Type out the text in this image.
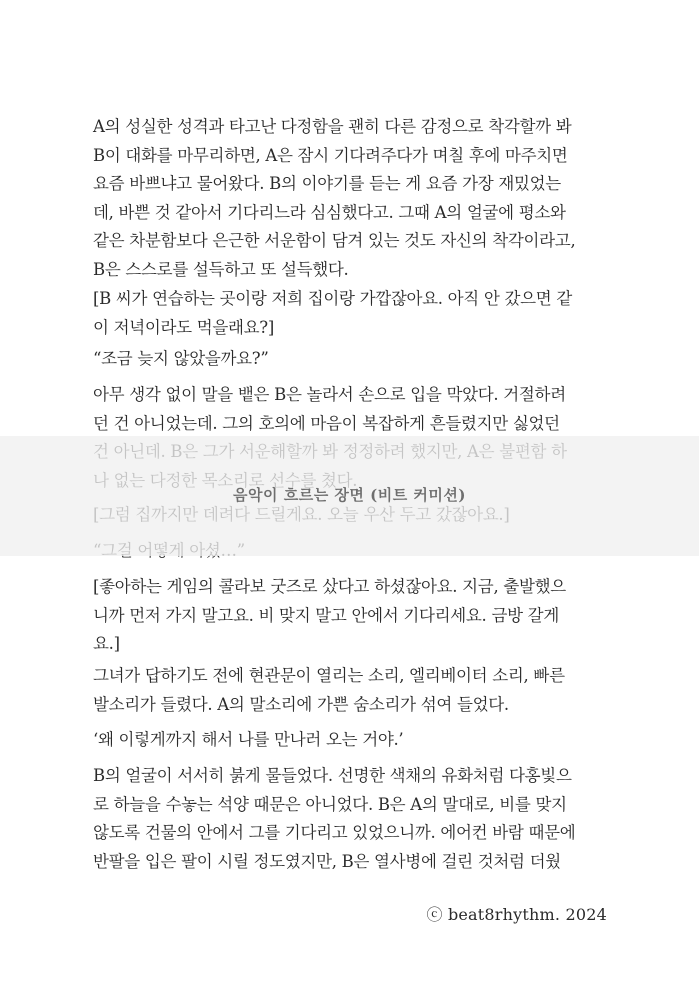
A의 성실한 성격과 타고난 다정함을 괜히 다른 감정으로 착각할까 봐
B이 대화를 마무리하면, A은 잠시 기다려주다가 며칠 후에 마주치면
요즘 바쁘냐고 물어왔다. B의 이야기를 듣는 게 요즘 가장 재밌었는
데, 바쁜 것 같아서 기다리느라 심심했다고. 그때 A의 얼굴에 평소와
같은 차분함보다 은근한 서운함이 담겨 있는 것도 자신의 착각이라고,
B은 스스로를 설득하고 또 설득했다.
[B 씨가 연습하는 곳이랑 저희 집이랑 가깝잖아요. 아직 안 갔으면 같
이 저녁이라도 먹을래요?]
“조금 늦지 않았을까요?”
아무 생각 없이 말을 뱉은 B은 놀라서 손으로 입을 막았다. 거절하려
던 건 아니었는데. 그의 호의에 마음이 복잡하게 흔들렸지만 싫었던
[좋아하는 게임의 콜라보 굿즈로 샀다고 하셨잖아요. 지금, 출발했으
니까 먼저 가지 말고요. 비 맞지 말고 안에서 기다리세요. 금방 갈게
요.]
그녀가 답하기도 전에 현관문이 열리는 소리, 엘리베이터 소리, 빠른
발소리가 들렸다. A의 말소리에 가쁜 숨소리가 섞여 들었다.
‘왜 이렇게까지 해서 나를 만나러 오는 거야.’
B의 얼굴이 서서히 붉게 물들었다. 선명한 색채의 유화처럼 다홍빛으
로 하늘을 수놓는 석양 때문은 아니었다. B은 A의 말대로, 비를 맞지
않도록 건물의 안에서 그를 기다리고 있었으니까. 에어컨 바람 때문에
반팔을 입은 팔이 시릴 정도였지만, B은 열사병에 걸린 것처럼 더웠
음악이 흐르는 장면 (비트 커미션)
ⓒ beat8rhythm. 2024
